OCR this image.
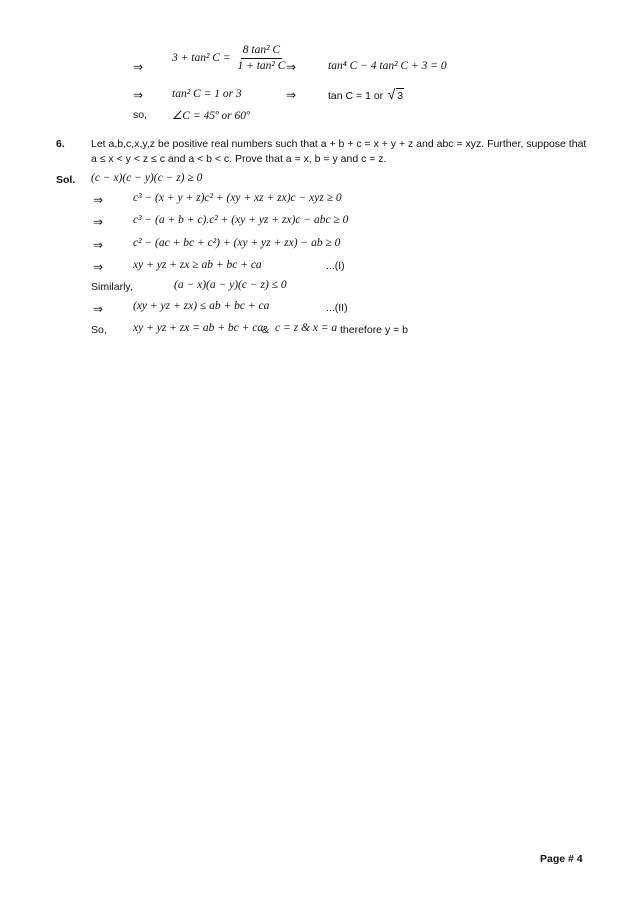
⇒
3 + tan² $C = \frac{\text{8 tan² C}}{\text{1 + tan² C}}$
⇒	tan⁴ C − 4 tan² C + 3 = 0
⇒	tan² C = 1 or 3	⇒	tan C = 1 or √ 3
so, ∠C = 45º or 60º
6. Let a,b,c,x,y,z be positive real numbers such that a + b + c = x + y + z and abc = xyz. Further, suppose that
a ≤ x < y < z ≤ c and a < b < c. Prove that a = x, b = y and c = z.
Sol. (c − x)(c − y)(c − z) ≥ 0
⇒	c³ − (x + y + z)c² + (xy + xz + zx)c − xyz ≥ 0
⇒	c³ − (a + b + c).c² + (xy + yz + zx)c − abc ≥ 0
⇒	c² − (ac + bc + c²) + (xy + yz + zx) − ab ≥ 0
⇒	xy + yz + zx ≥ ab + bc + ca	...(I)
Similarly,	(a − x)(a − y)(c − z) ≤ 0
⇒	(xy + yz + zx) ≤ ab + bc + ca	...(II)
So, xy + yz + zx = ab + bc + ca
& c = z & x = a therefore y = b
Page # 4
